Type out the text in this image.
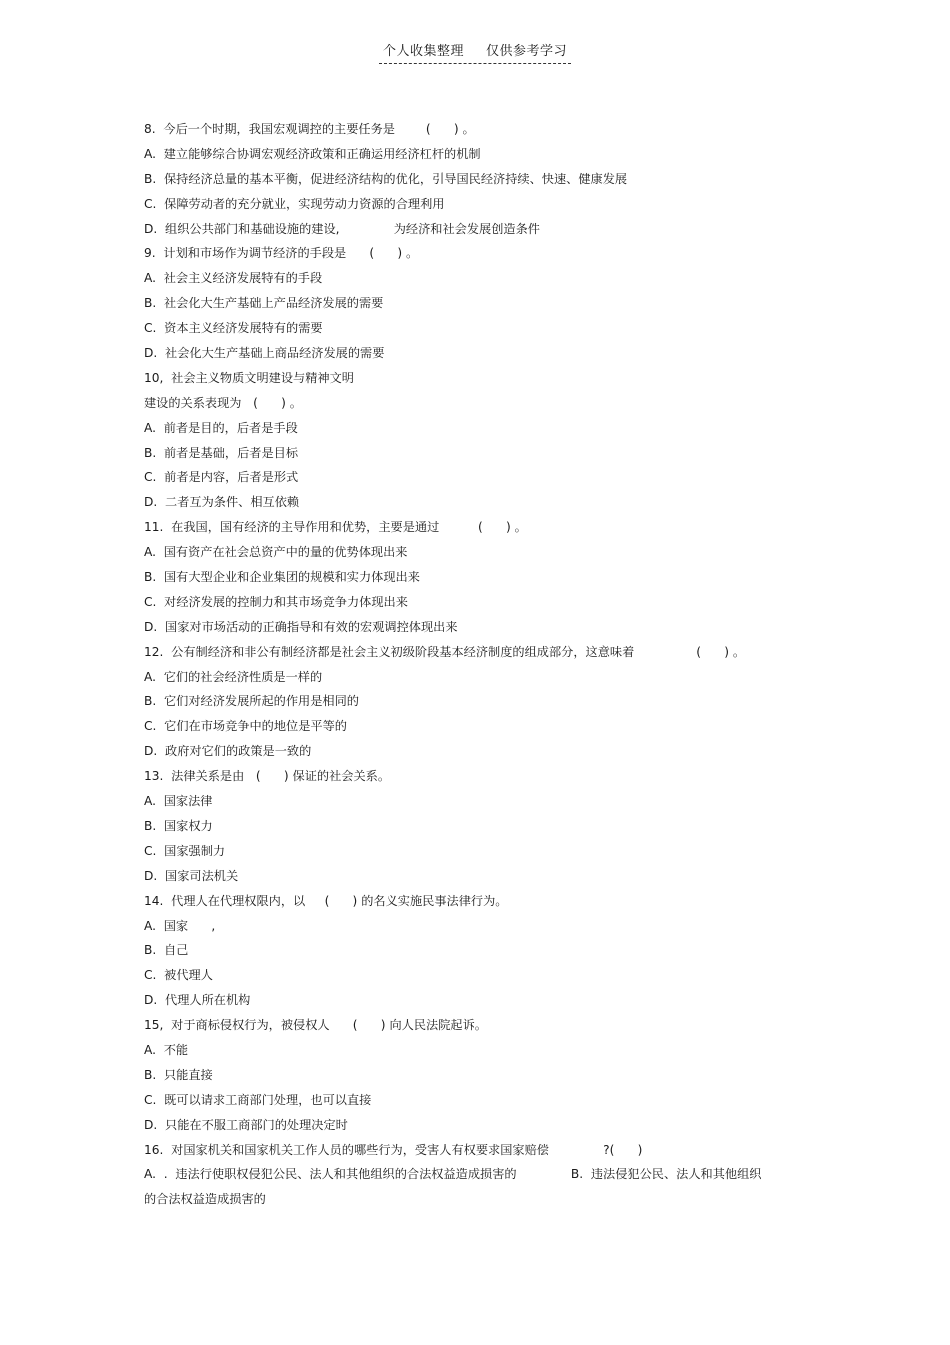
个人收集整理 仅供参考学习
8.  今后一个时期，我国宏观调控的主要任务是        (      ) 。
A.  建立能够综合协调宏观经济政策和正确运用经济杠杆的机制
B.  保持经济总量的基本平衡，促进经济结构的优化，引导国民经济持续、快速、健康发展
C.  保障劳动者的充分就业，实现劳动力资源的合理利用
D.  组织公共部门和基础设施的建设,              为经济和社会发展创造条件
9.  计划和市场作为调节经济的手段是      (      ) 。
A.  社会主义经济发展特有的手段
B.  社会化大生产基础上产品经济发展的需要
C.  资本主义经济发展特有的需要
D.  社会化大生产基础上商品经济发展的需要
10,  社会主义物质文明建设与精神文明
建设的关系表现为   (      ) 。
A.  前者是目的，后者是手段
B.  前者是基础，后者是目标
C.  前者是内容，后者是形式
D.  二者互为条件、相互依赖
11.  在我国，国有经济的主导作用和优势，主要是通过          (      ) 。
A.  国有资产在社会总资产中的量的优势体现出来
B.  国有大型企业和企业集团的规模和实力体现出来
C.  对经济发展的控制力和其市场竞争力体现出来
D.  国家对市场活动的正确指导和有效的宏观调控体现出来
12.  公有制经济和非公有制经济都是社会主义初级阶段基本经济制度的组成部分，这意味着                (      ) 。
A.  它们的社会经济性质是一样的
B.  它们对经济发展所起的作用是相同的
C.  它们在市场竞争中的地位是平等的
D.  政府对它们的政策是一致的
13.  法律关系是由   (      ) 保证的社会关系。
A.  国家法律
B.  国家权力
C.  国家强制力
D.  国家司法机关
14.  代理人在代理权限内，以     (      ) 的名义实施民事法律行为。
A.  国家      ,
B.  自己
C.  被代理人
D.  代理人所在机构
15,  对于商标侵权行为，被侵权人      (      ) 向人民法院起诉。
A.  不能
B.  只能直接
C.  既可以请求工商部门处理，也可以直接
D.  只能在不服工商部门的处理决定时
16.  对国家机关和国家机关工作人员的哪些行为，受害人有权要求国家赔偿              ?(      )
A.  .  违法行使职权侵犯公民、法人和其他组织的合法权益造成损害的              B.  违法侵犯公民、法人和其他组织
的合法权益造成损害的
